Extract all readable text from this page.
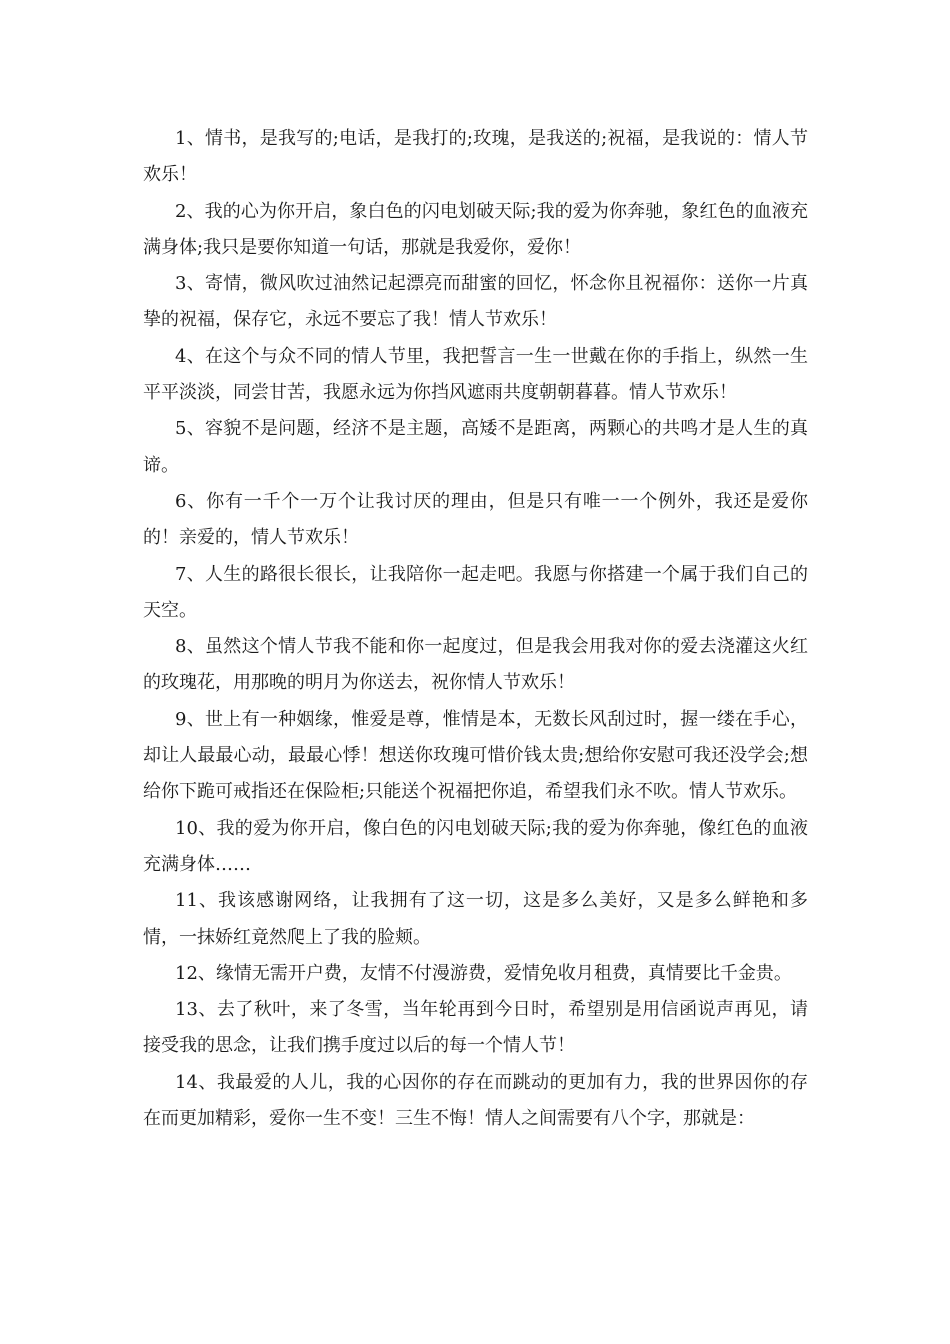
1、情书，是我写的;电话，是我打的;玫瑰，是我送的;祝福，是我说的：情人节欢乐！

2、我的心为你开启，象白色的闪电划破天际;我的爱为你奔驰，象红色的血液充满身体;我只是要你知道一句话，那就是我爱你，爱你！

3、寄情，微风吹过油然记起漂亮而甜蜜的回忆，怀念你且祝福你：送你一片真挚的祝福，保存它，永远不要忘了我！情人节欢乐！

4、在这个与众不同的情人节里，我把誓言一生一世戴在你的手指上，纵然一生平平淡淡，同尝甘苦，我愿永远为你挡风遮雨共度朝朝暮暮。情人节欢乐！

5、容貌不是问题，经济不是主题，高矮不是距离，两颗心的共鸣才是人生的真谛。

6、你有一千个一万个让我讨厌的理由，但是只有唯一一个例外，我还是爱你的！亲爱的，情人节欢乐！

7、人生的路很长很长，让我陪你一起走吧。我愿与你搭建一个属于我们自己的天空。

8、虽然这个情人节我不能和你一起度过，但是我会用我对你的爱去浇灌这火红的玫瑰花，用那晚的明月为你送去，祝你情人节欢乐！

9、世上有一种姻缘，惟爱是尊，惟情是本，无数长风刮过时，握一缕在手心，却让人最最心动，最最心悸！想送你玫瑰可惜价钱太贵;想给你安慰可我还没学会;想给你下跪可戒指还在保险柜;只能送个祝福把你追，希望我们永不吹。情人节欢乐。

10、我的爱为你开启，像白色的闪电划破天际;我的爱为你奔驰，像红色的血液充满身体……

11、我该感谢网络，让我拥有了这一切，这是多么美好，又是多么鲜艳和多情，一抹娇红竟然爬上了我的脸颊。

12、缘情无需开户费，友情不付漫游费，爱情免收月租费，真情要比千金贵。

13、去了秋叶，来了冬雪，当年轮再到今日时，希望别是用信函说声再见，请接受我的思念，让我们携手度过以后的每一个情人节！

14、我最爱的人儿，我的心因你的存在而跳动的更加有力，我的世界因你的存在而更加精彩，爱你一生不变！三生不悔！情人之间需要有八个字，那就是：
